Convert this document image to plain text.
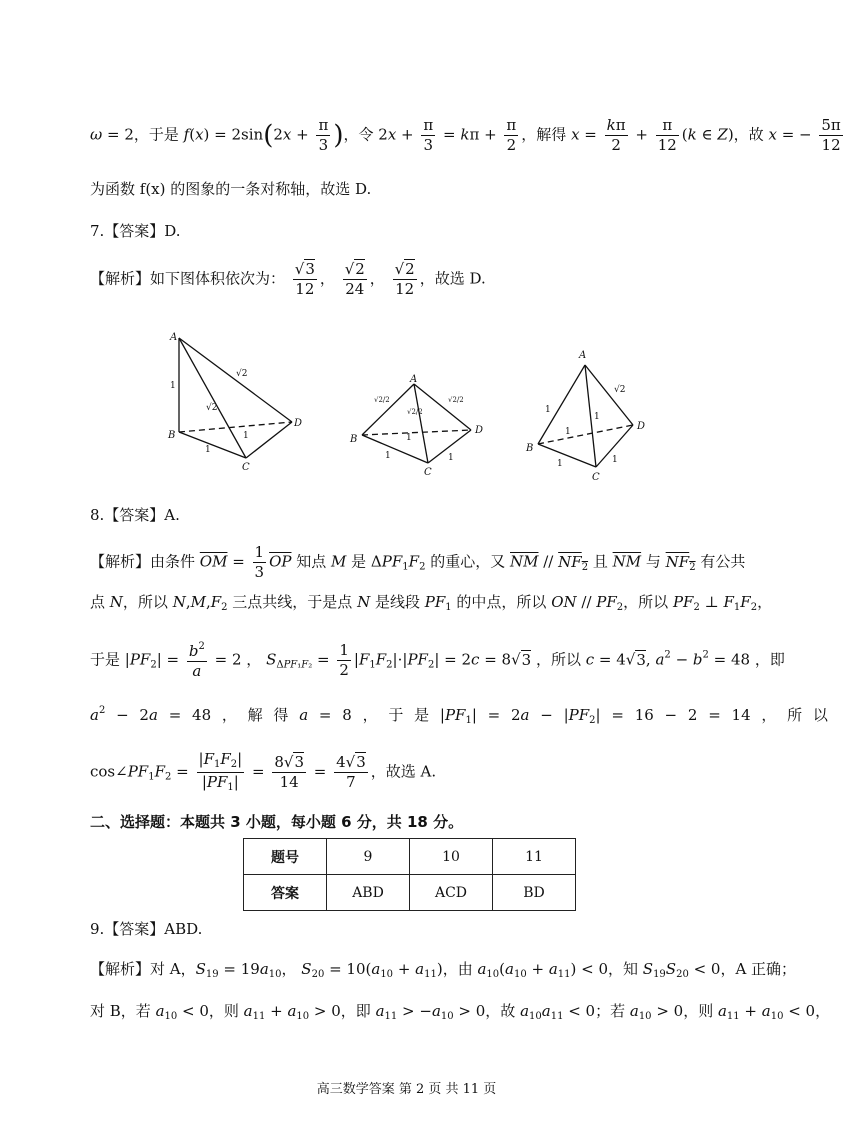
ω = 2，于是 $f(x) = 2\sin(2x + \frac{\pi}{3}$ )，令 $2x + \frac{\pi}{3} = k\pi + \frac{\pi}{2}$ ，解得 $x = \frac{k\pi}{2} + \frac{\pi}{12} (k$ ∈ Z)，故 x = − $\frac{5\pi}{12}$
为函数 f(x) 的图象的一条对称轴，故选 D.
7.【答案】D.
【解析】如下图体积依次为： $\frac{√3}{12}$ ， $\frac{√2}{24}$ ， $\frac{√2}{12}$ ，故选 D.
A
B
C
D
1
√2
√2
1
1
A
B
C
D
√2/2
√2/2
√2/2
1
1	1
A
B
C
D
1
1
√2
1
1	1
8.【答案】A.
【解析】由条件 $\overline{OM} = \frac{1}{3} \overline{OP}$ 知点 M 是 $\Delta PF_1F_2$ 的重心，又 $\overline{NM} // NF_2$ 且 $\overline{NM}$ 与 $NF_2$ 有公共
点 N，所以 $N,M,F_2$ 三点共线，于是点 N 是线段 $PF_1$ 的中点，所以 ON // $PF_2$，所以 $PF_2$ ⊥ $F_1F_2$，
于是 $|PF_2| = \frac{b^2}{a} = 2$ ， $S_{\Delta PF_1F_2} = \frac{1}{2} |F_1F_2|\cdot|PF_2| = 2c = 8√3$ ，所以 c = 4√3, $a^2 - b^2 = 48$ ，即
$a^2 - 2a = 48$ ， 解 得 a = 8 ， 于 是 $|PF_1| = 2a - |PF_2| = 16 - 2 = 14$ ， 所 以
$\cos\angle PF_1F_2 = \frac{|F_1F_2|}{|PF_1|} = \frac{8√3}{14} = \frac{4√3}{7}$ ，故选 A.
二、选择题：本题共 3 小题，每小题 6 分，共 18 分。
题号	9	10	11
答案	ABD	ACD	BD
9.【答案】ABD.
【解析】对 A，$S_{19} = 19a_{10}$， $S_{20} = 10(a_{10} + a_{11})$，由 $a_{10}(a_{10} + a_{11}) < 0$，知 $S_{19}S_{20} < 0$，A 正确；
对 B，若 $a_{10} < 0$，则 $a_{11} + a_{10} > 0$，即 $a_{11} > -a_{10} > 0$，故 $a_{10}a_{11} < 0$；若 $a_{10} > 0$，则 $a_{11} + a_{10} < 0$，
高三数学答案 第 2 页 共 11 页
